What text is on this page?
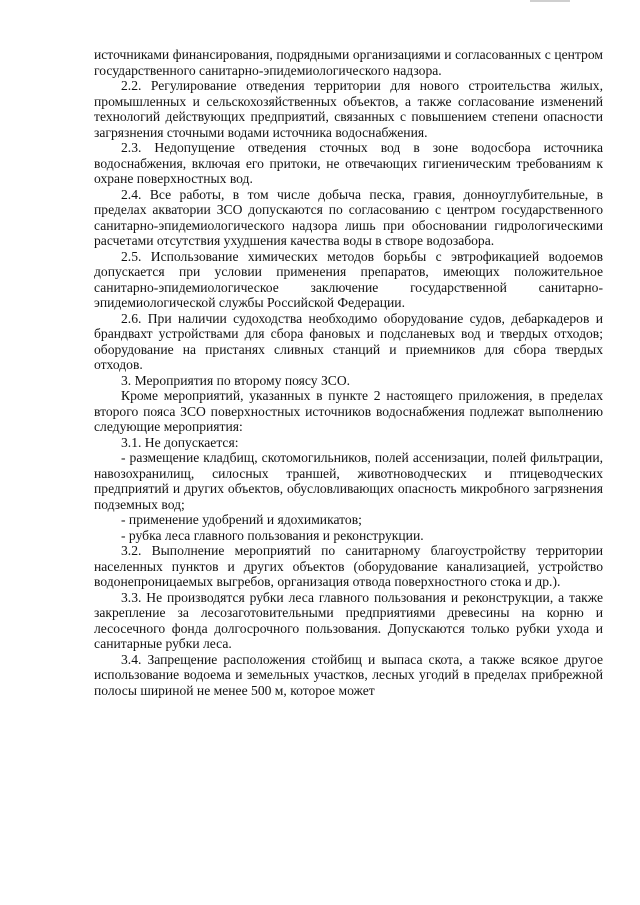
источниками финансирования, подрядными организациями и согласованных с центром государственного санитарно-эпидемиологического надзора.

2.2. Регулирование отведения территории для нового строительства жилых, промышленных и сельскохозяйственных объектов, а также согласование изменений технологий действующих предприятий, связанных с повышением степени опасности загрязнения сточными водами источника водоснабжения.

2.3. Недопущение отведения сточных вод в зоне водосбора источника водоснабжения, включая его притоки, не отвечающих гигиеническим требованиям к охране поверхностных вод.

2.4. Все работы, в том числе добыча песка, гравия, донноуглубительные, в пределах акватории ЗСО допускаются по согласованию с центром государственного санитарно-эпидемиологического надзора лишь при обосновании гидрологическими расчетами отсутствия ухудшения качества воды в створе водозабора.

2.5. Использование химических методов борьбы с эвтрофикацией водоемов допускается при условии применения препаратов, имеющих положительное санитарно-эпидемиологическое заключение государственной санитарно-эпидемиологической службы Российской Федерации.

2.6. При наличии судоходства необходимо оборудование судов, дебаркадеров и брандвахт устройствами для сбора фановых и подсланевых вод и твердых отходов; оборудование на пристанях сливных станций и приемников для сбора твердых отходов.

3. Мероприятия по второму поясу ЗСО.

Кроме мероприятий, указанных в пункте 2 настоящего приложения, в пределах второго пояса ЗСО поверхностных источников водоснабжения подлежат выполнению следующие мероприятия:

3.1. Не допускается:

- размещение кладбищ, скотомогильников, полей ассенизации, полей фильтрации, навозохранилищ, силосных траншей, животноводческих и птицеводческих предприятий и других объектов, обусловливающих опасность микробного загрязнения подземных вод;

- применение удобрений и ядохимикатов;

- рубка леса главного пользования и реконструкции.

3.2. Выполнение мероприятий по санитарному благоустройству территории населенных пунктов и других объектов (оборудование канализацией, устройство водонепроницаемых выгребов, организация отвода поверхностного стока и др.).

3.3. Не производятся рубки леса главного пользования и реконструкции, а также закрепление за лесозаготовительными предприятиями древесины на корню и лесосечного фонда долгосрочного пользования. Допускаются только рубки ухода и санитарные рубки леса.

3.4. Запрещение расположения стойбищ и выпаса скота, а также всякое другое использование водоема и земельных участков, лесных угодий в пределах прибрежной полосы шириной не менее 500 м, которое может
